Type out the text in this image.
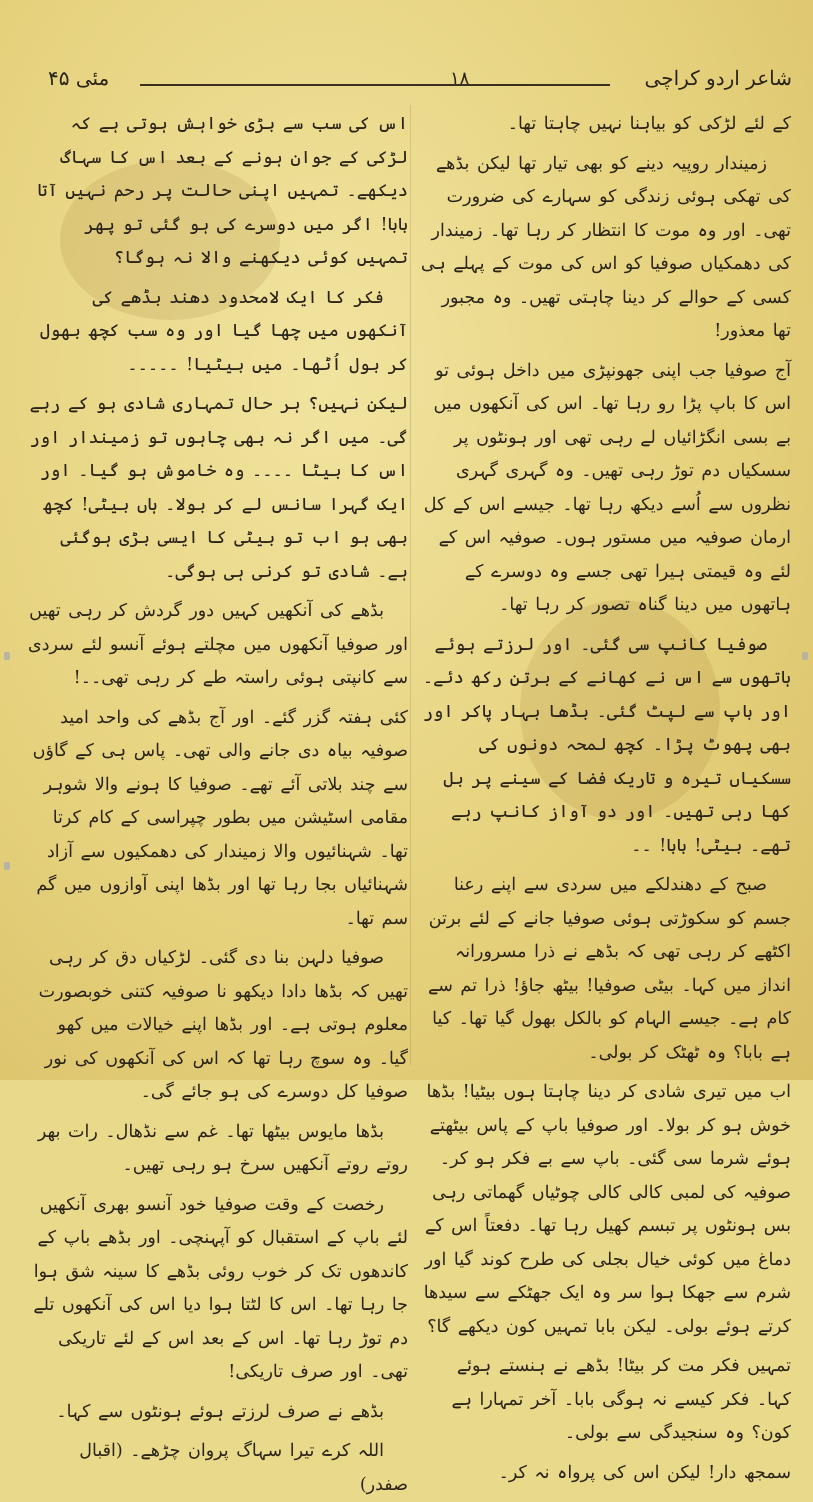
مئی ۴۵	۱۸	شاعر اردو کراچی

کے لئے لڑکی کو بیاہنا نہیں چاہتا تھا۔

زمیندار روپیہ دینے کو بھی تیار تھا لیکن بڈھے کی تھکی ہوئی زندگی کو سہارے کی ضرورت تھی۔ اور وہ موت کا انتظار کر رہا تھا۔ زمیندار کی دھمکیاں صوفیا کو اس کی موت کے پہلے ہی کسی کے حوالے کر دینا چاہتی تھیں۔ وہ مجبور تھا معذور!

آج صوفیا جب اپنی جھونپڑی میں داخل ہوئی تو اس کا باپ پڑا رو رہا تھا۔ اس کی آنکھوں میں بے بسی انگڑائیاں لے رہی تھی اور ہونٹوں پر سسکیاں دم توڑ رہی تھیں۔ وہ گہری گہری نظروں سے اُسے دیکھ رہا تھا۔ جیسے اس کے کل ارمان صوفیہ میں مستور ہوں۔ صوفیہ اس کے لئے وہ قیمتی ہیرا تھی جسے وہ دوسرے کے ہاتھوں میں دینا گناہ تصور کر رہا تھا۔

صوفیا کانپ سی گئی۔ اور لرزتے ہوئے ہاتھوں سے اس نے کھانے کے برتن رکھ دئے۔ اور باپ سے لپٹ گئی۔ بڈھا بہار پاکر اور بھی پھوٹ پڑا۔ کچھ لمحہ دونوں کی سسکیاں تیرہ و تاریک فضا کے سینے پر بل کھا رہی تھیں۔ اور دو آواز کانپ رہے تھے۔ بیٹی! بابا! ۔۔

صبح کے دھندلکے میں سردی سے اپنے رعنا جسم کو سکوڑتی ہوئی صوفیا جانے کے لئے برتن اکٹھے کر رہی تھی کہ بڈھے نے ذرا مسرورانہ انداز میں کہا۔ بیٹی صوفیا! بیٹھ جاؤ! ذرا تم سے کام ہے۔ جیسے الہام کو بالکل بھول گیا تھا۔ کیا ہے بابا؟ وہ ٹھٹک کر بولی۔

اب میں تیری شادی کر دینا چاہتا ہوں بیٹیا! بڈھا خوش ہو کر بولا۔ اور صوفیا باپ کے پاس بیٹھتے ہوئے شرما سی گئی۔ باپ سے بے فکر ہو کر۔ صوفیہ کی لمبی کالی کالی چوٹیاں گھماتی رہی بس ہونٹوں پر تبسم کھیل رہا تھا۔ دفعتاً اس کے دماغ میں کوئی خیال بجلی کی طرح کوند گیا اور شرم سے جھکا ہوا سر وہ ایک جھٹکے سے سیدھا کرتے ہوئے بولی۔ لیکن بابا تمہیں کون دیکھے گا؟

تمہیں فکر مت کر بیٹا! بڈھے نے ہنستے ہوئے کہا۔ فکر کیسے نہ ہوگی بابا۔ آخر تمہارا ہے کون؟ وہ سنجیدگی سے بولی۔

سمجھ دار! لیکن اس کی پرواہ نہ کر۔

اس کی سب سے بڑی خواہش ہوتی ہے کہ لڑکی کے جوان ہونے کے بعد اس کا سہاگ دیکھے۔ تمہیں اپنی حالت پر رحم نہیں آتا بابا! اگر میں دوسرے کی ہو گئی تو پھر تمہیں کوئی دیکھنے والا نہ ہوگا؟

فکر کا ایک لامحدود دھند بڈھے کی آنکھوں میں چھا گیا اور وہ سب کچھ بھول کر بول اُٹھا۔ میں بیٹیا! ۔۔۔۔۔

لیکن نہیں؟ ہر حال تمہاری شادی ہو کے رہے گی۔ میں اگر نہ بھی چاہوں تو زمیندار اور اس کا بیٹا ۔۔۔۔ وہ خاموش ہو گیا۔ اور ایک گہرا سانس لے کر بولا۔ ہاں بیٹی! کچھ بھی ہو اب تو بیٹی کا ایسی بڑی ہوگئی ہے۔ شادی تو کرنی ہی ہوگی۔

بڈھے کی آنکھیں کہیں دور گردش کر رہی تھیں اور صوفیا آنکھوں میں مچلتے ہوئے آنسو لئے سردی سے کانپتی ہوئی راستہ طے کر رہی تھی۔۔!

کئی ہفتہ گزر گئے۔ اور آج بڈھے کی واحد امید صوفیہ بیاہ دی جانے والی تھی۔ پاس ہی کے گاؤں سے چند بلاتی آئے تھے۔ صوفیا کا ہونے والا شوہر مقامی اسٹیشن میں بطور چپراسی کے کام کرتا تھا۔ شہنائیوں والا زمیندار کی دھمکیوں سے آزاد شہنائیاں بجا رہا تھا اور بڈھا اپنی آوازوں میں گم سم تھا۔

صوفیا دلہن بنا دی گئی۔ لڑکیاں دق کر رہی تھیں کہ بڈھا دادا دیکھو نا صوفیہ کتنی خوبصورت معلوم ہوتی ہے۔ اور بڈھا اپنے خیالات میں کھو گیا۔ وہ سوچ رہا تھا کہ اس کی آنکھوں کی نور صوفیا کل دوسرے کی ہو جائے گی۔

بڈھا مایوس بیٹھا تھا۔ غم سے نڈھال۔ رات بھر روتے روتے آنکھیں سرخ ہو رہی تھیں۔

رخصت کے وقت صوفیا خود آنسو بھری آنکھیں لئے باپ کے استقبال کو آپہنچی۔ اور بڈھے باپ کے کاندھوں تک کر خوب روئی بڈھے کا سینہ شق ہوا جا رہا تھا۔ اس کا لٹتا ہوا دیا اس کی آنکھوں تلے دم توڑ رہا تھا۔ اس کے بعد اس کے لئے تاریکی تھی۔ اور صرف تاریکی!

بڈھے نے صرف لرزتے ہوئے ہونٹوں سے کہا۔

اللہ کرے تیرا سہاگ پروان چڑھے۔ (اقبال صفدر)
